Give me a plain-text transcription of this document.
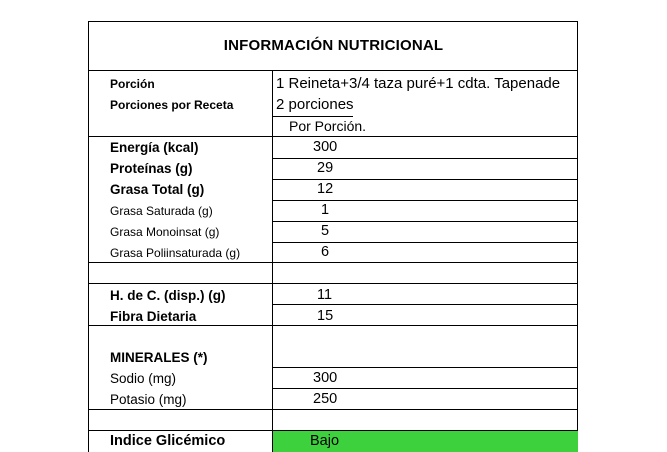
INFORMACIÓN NUTRICIONAL
Porción	1 Reineta+3/4 taza puré+1 cdta. Tapenade
Porciones por Receta	2 porciones
Por Porción.
Energía (kcal)	300
Proteínas (g)	29
Grasa Total (g)	12
Grasa Saturada (g)	1
Grasa Monoinsat (g)	5
Grasa Poliinsaturada (g)	6
H. de C. (disp.) (g)	11
Fibra Dietaria	15
MINERALES (*)
Sodio (mg)	300
Potasio (mg)	250
Indice Glicémico	Bajo
